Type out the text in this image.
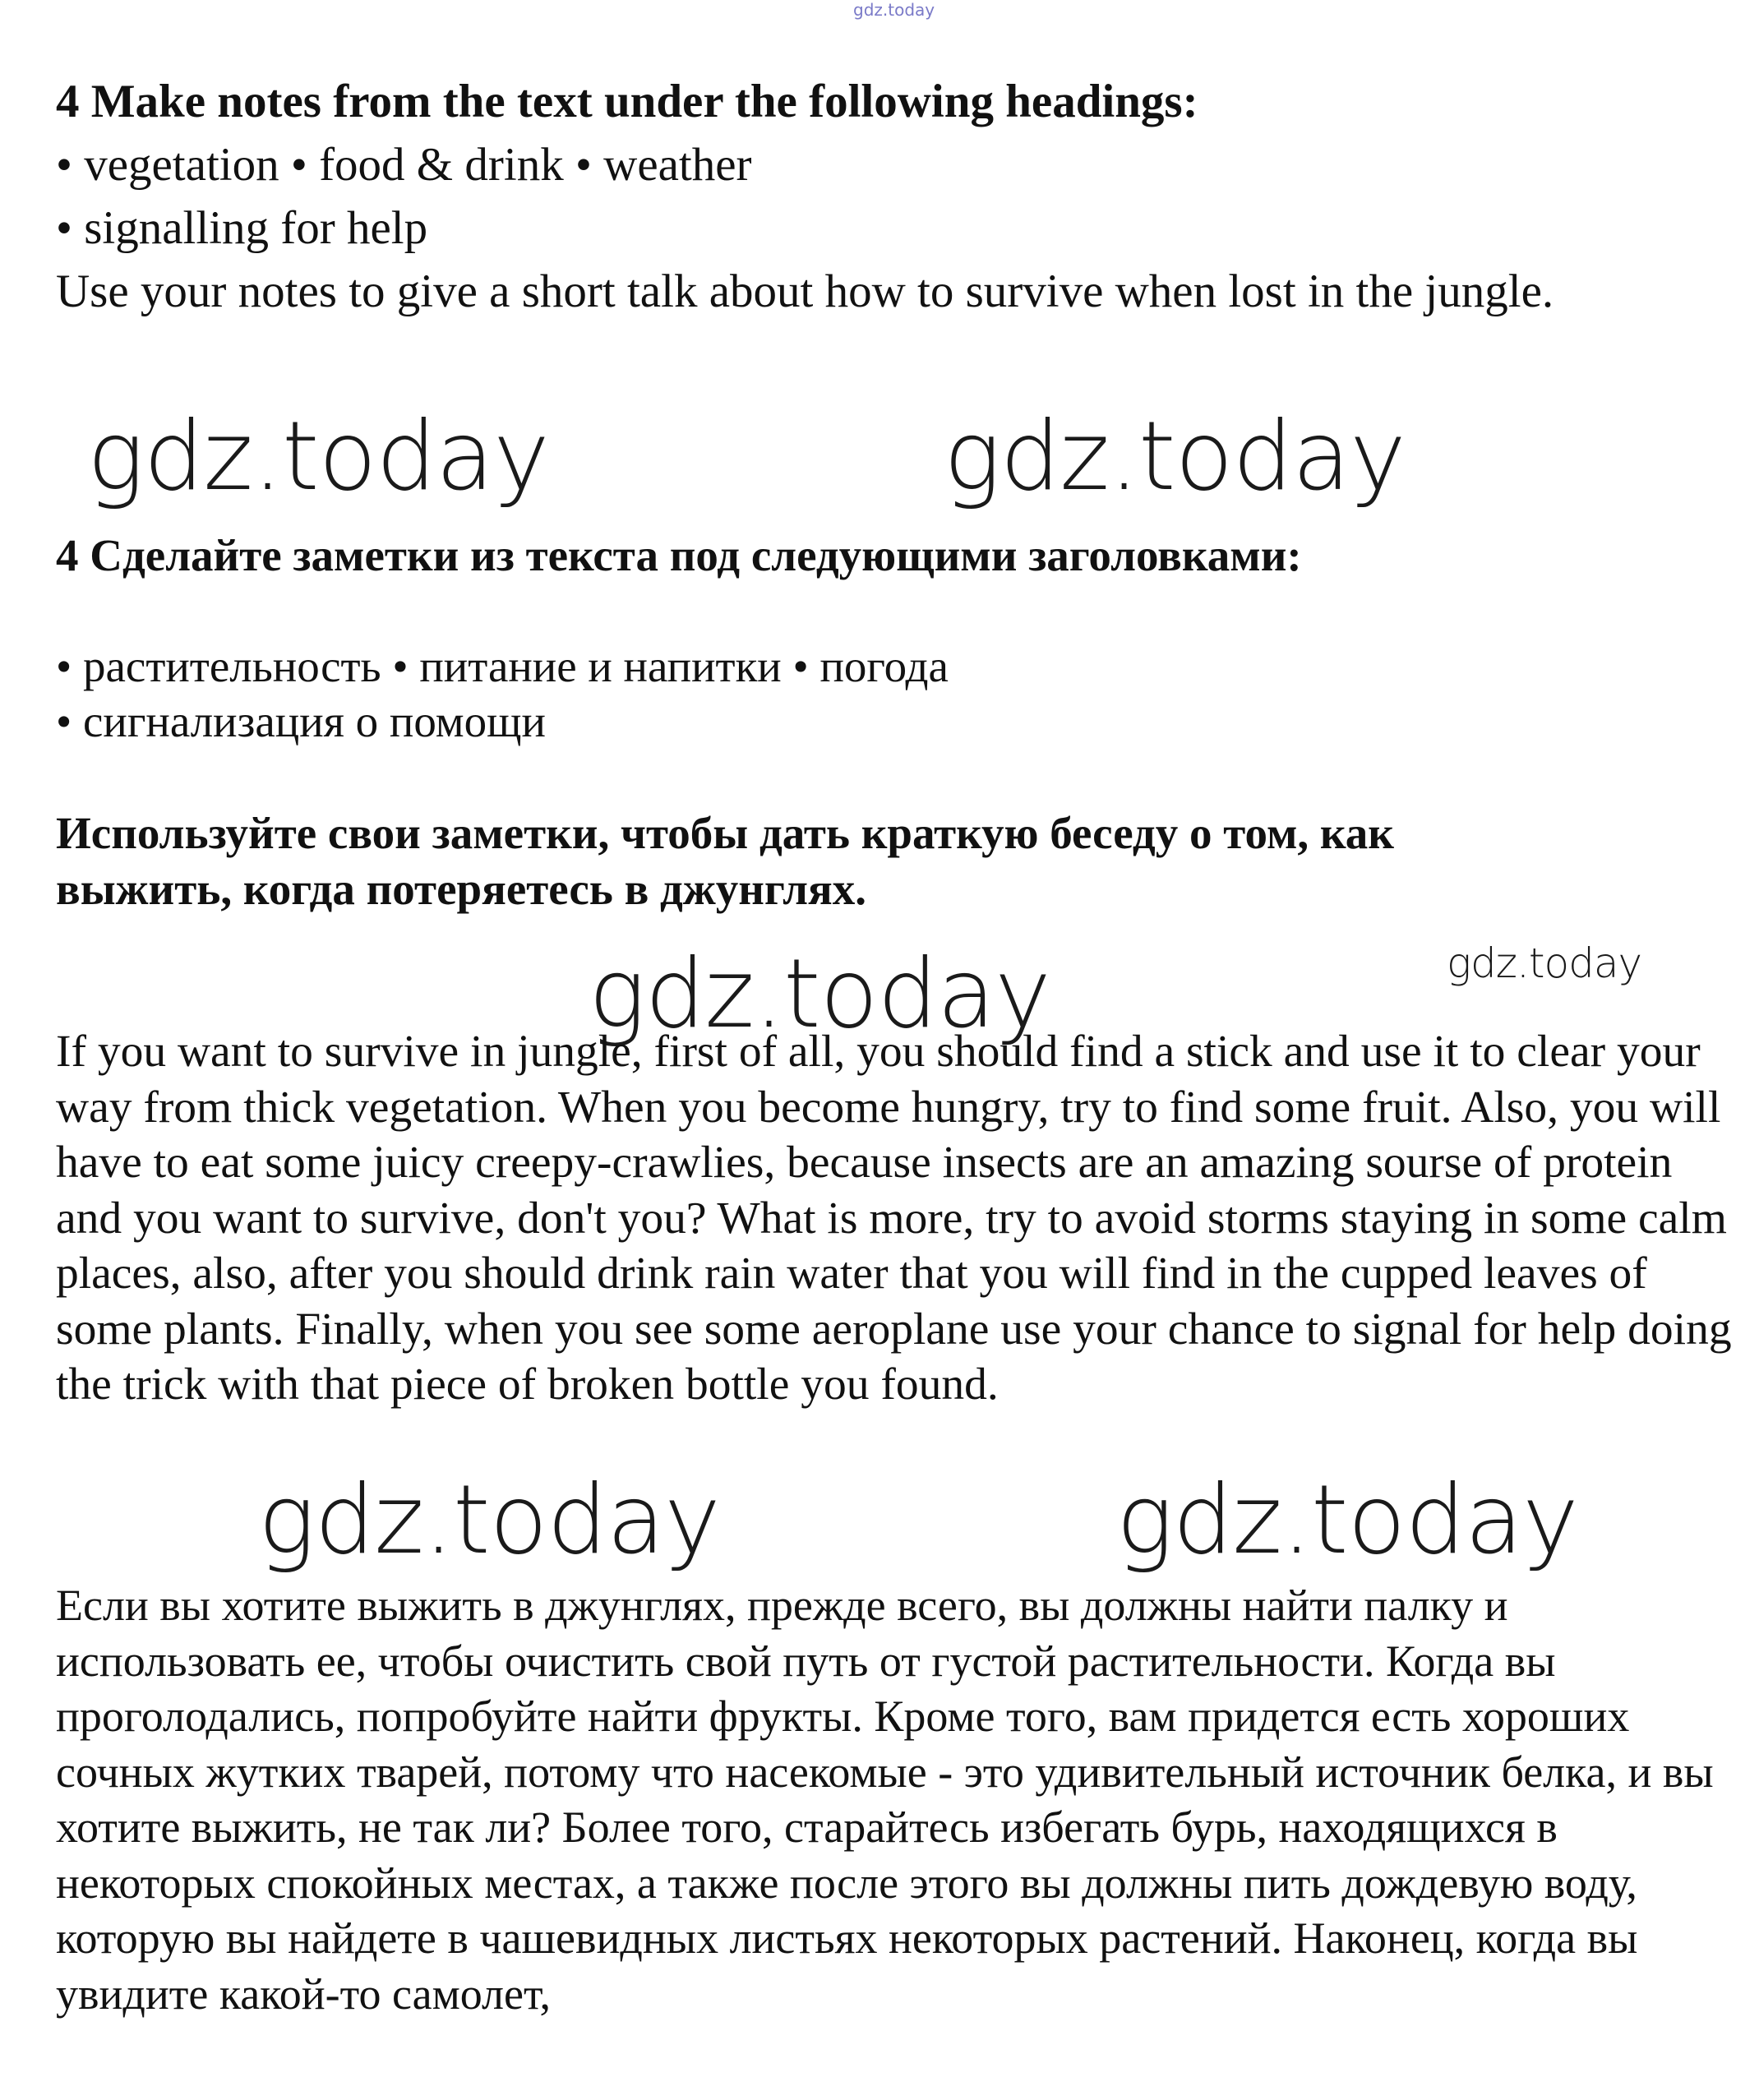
gdz.today
4 Make notes from the text under the following headings:
• vegetation • food & drink • weather
• signalling for help
Use your notes to give a short talk about how to survive when lost in the jungle.
gdz.today	gdz.today
4 Сделайте заметки из текста под следующими заголовками:
• растительность • питание и напитки • погода
• сигнализация о помощи
Используйте свои заметки, чтобы дать краткую беседу о том, как
выжить, когда потеряетесь в джунглях.
gdz.today	gdz.today
If you want to survive in jungle, first of all, you should find a stick and use it to clear your way from thick vegetation. When you become hungry, try to find some fruit. Also, you will have to eat some juicy creepy-crawlies, because insects are an amazing sourse of protein and you want to survive, don't you? What is more, try to avoid storms staying in some calm places, also, after you should drink rain water that you will find in the cupped leaves of some plants. Finally, when you see some aeroplane use your chance to signal for help doing the trick with that piece of broken bottle you found.
gdz.today	gdz.today
Если вы хотите выжить в джунглях, прежде всего, вы должны найти палку и использовать ее, чтобы очистить свой путь от густой растительности. Когда вы проголодались, попробуйте найти фрукты. Кроме того, вам придется есть хороших сочных жутких тварей, потому что насекомые - это удивительный источник белка, и вы хотите выжить, не так ли? Более того, старайтесь избегать бурь, находящихся в некоторых спокойных местах, а также после этого вы должны пить дождевую воду, которую вы найдете в чашевидных листьях некоторых растений. Наконец, когда вы увидите какой-то самолет,
